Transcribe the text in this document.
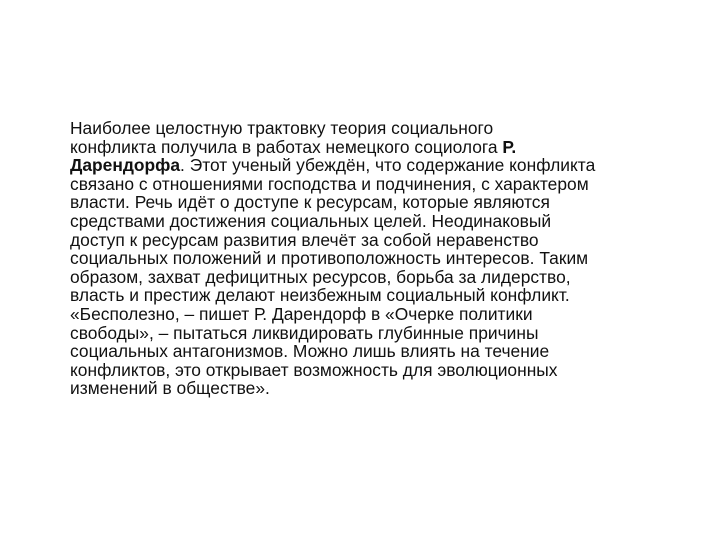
Наиболее целостную трактовку теория социального
конфликта получила в работах немецкого социолога Р.
Дарендорфа. Этот ученый убеждён, что содержание конфликта
связано с отношениями господства и подчинения, с характером
власти. Речь идёт о доступе к ресурсам, которые являются
средствами достижения социальных целей. Неодинаковый
доступ к ресурсам развития влечёт за собой неравенство
социальных положений и противоположность интересов. Таким
образом, захват дефицитных ресурсов, борьба за лидерство,
власть и престиж делают неизбежным социальный конфликт.
«Бесполезно, – пишет Р. Дарендорф в «Очерке политики
свободы», – пытаться ликвидировать глубинные причины
социальных антагонизмов. Можно лишь влиять на течение
конфликтов, это открывает возможность для эволюционных
изменений в обществе».
